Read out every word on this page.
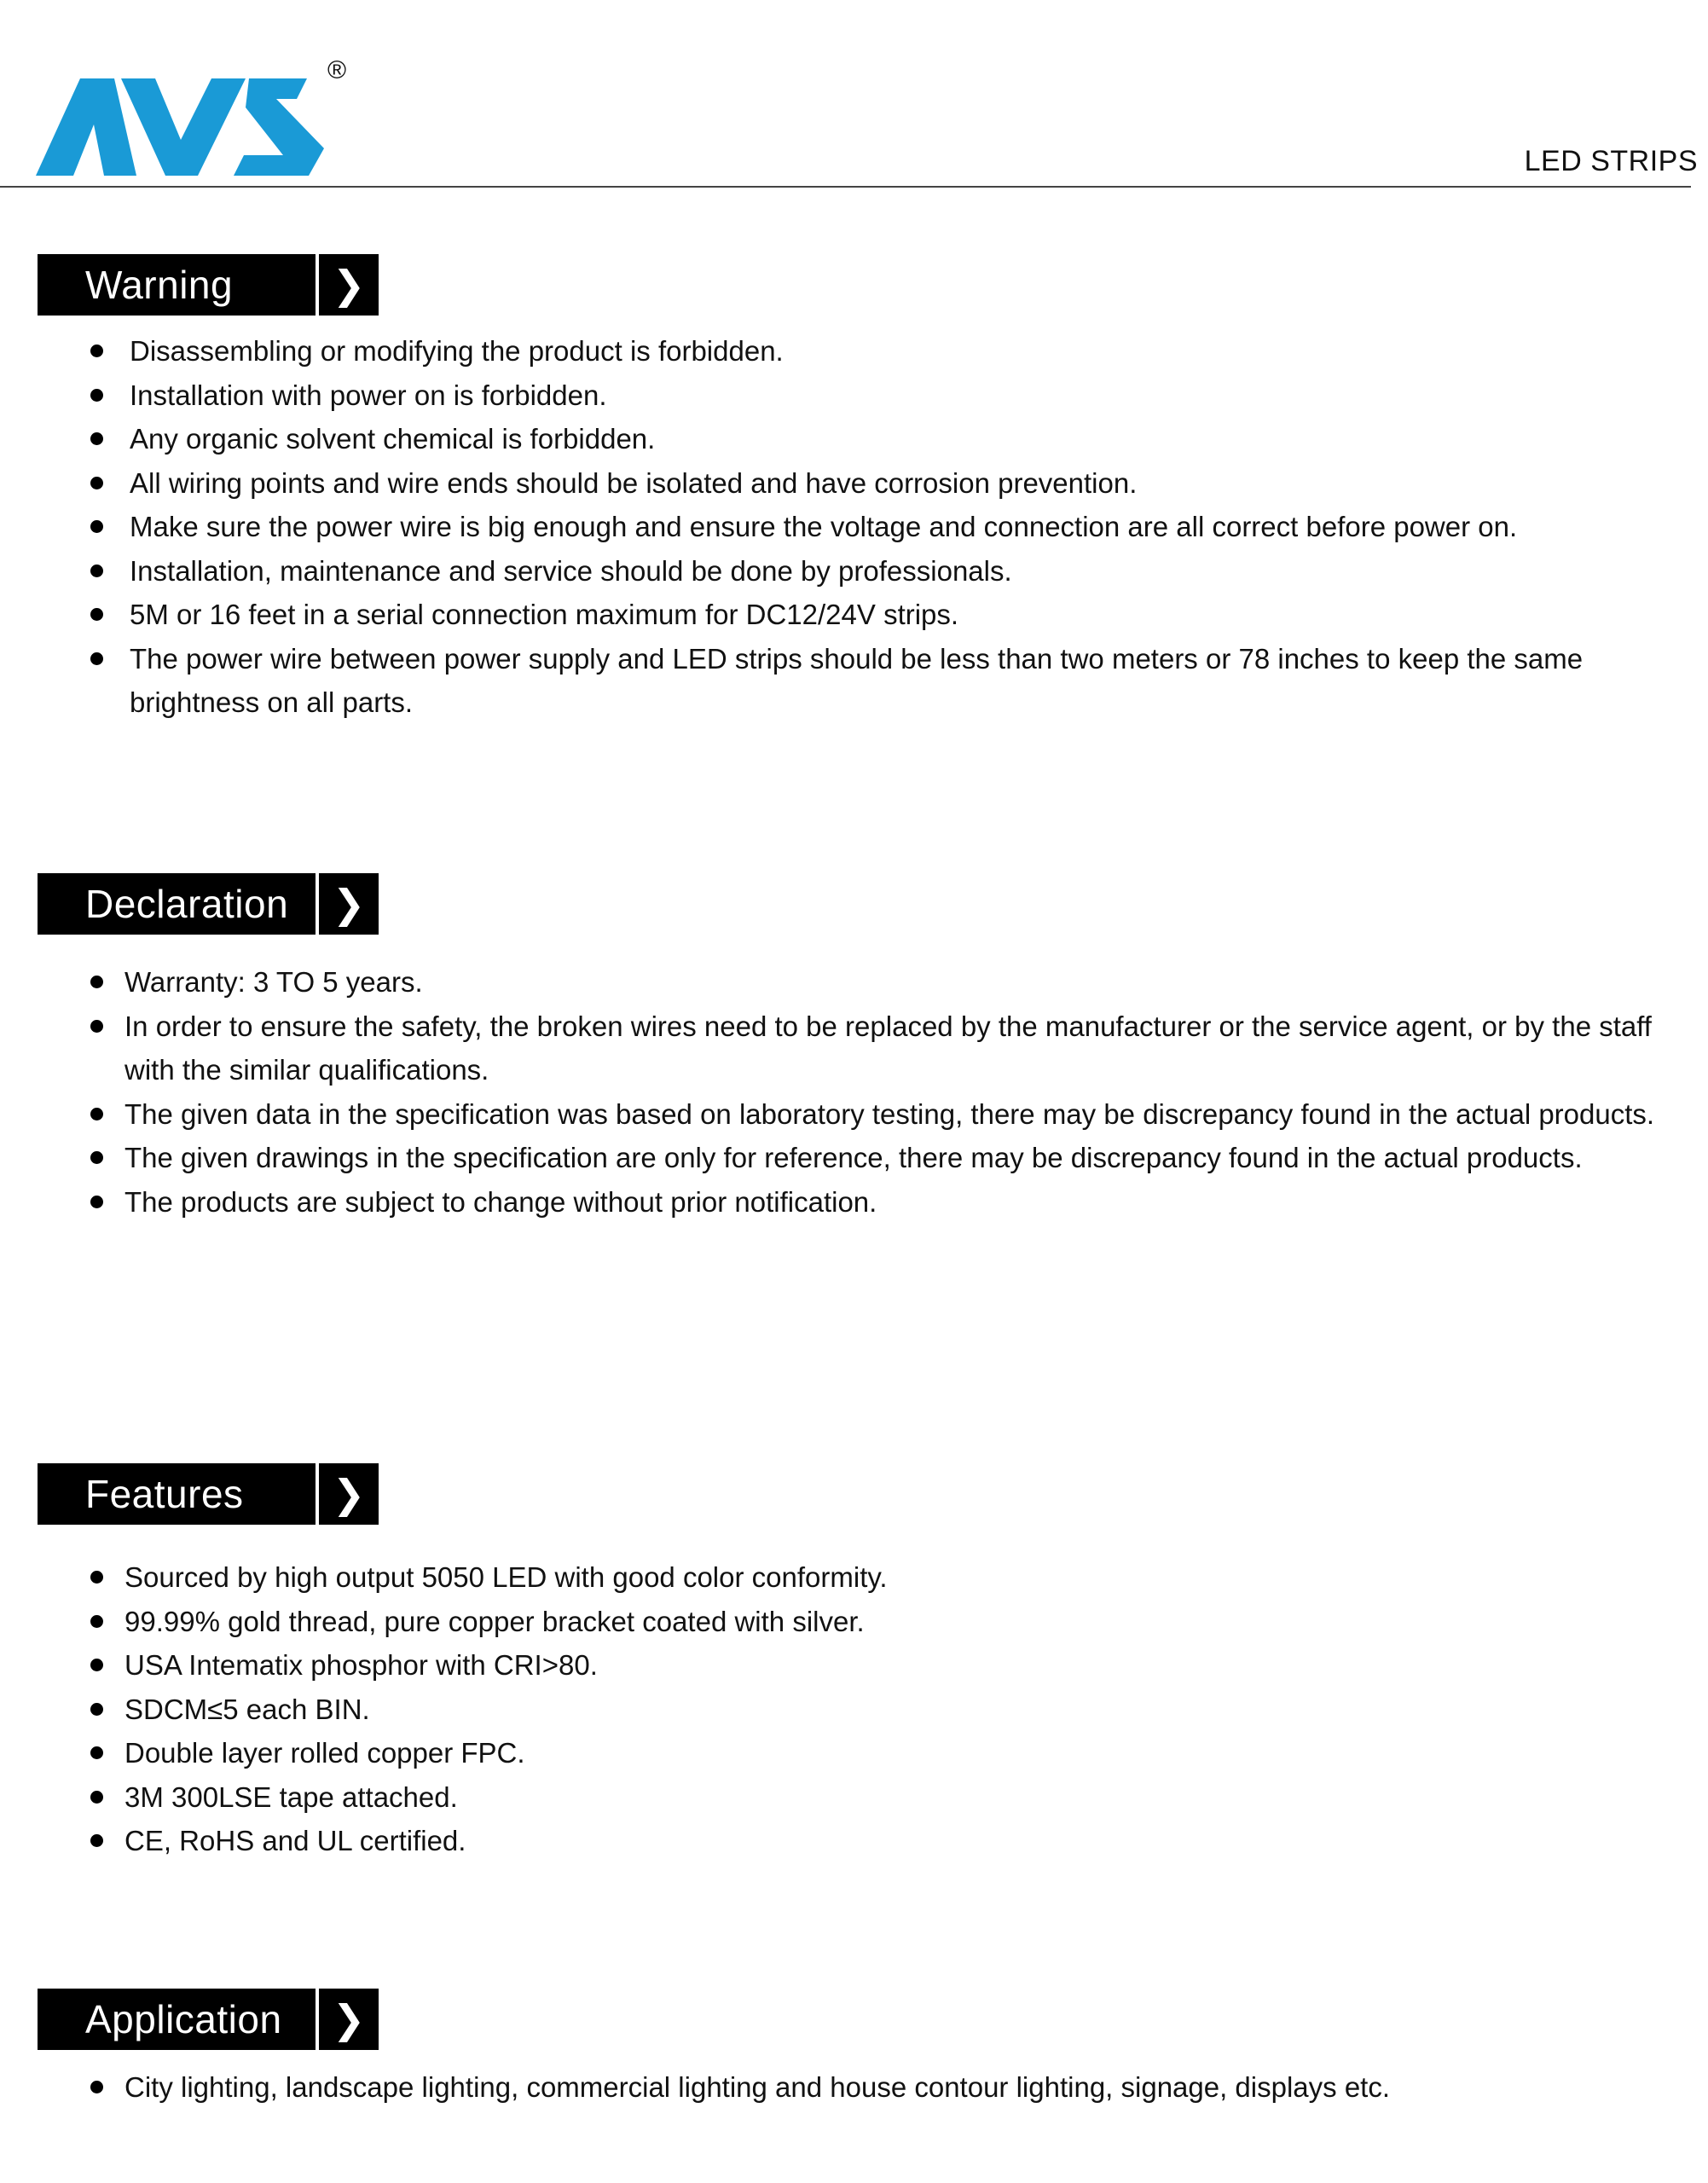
®
LED STRIPS
Warning	❯
Disassembling or modifying the product is forbidden.
Installation with power on is forbidden.
Any organic solvent chemical is forbidden.
All wiring points and wire ends should be isolated and have corrosion prevention.
Make sure the power wire is big enough and ensure the voltage and connection are all correct before power on.
Installation, maintenance and service should be done by professionals.
5M or 16 feet in a serial connection maximum for DC12/24V strips.
The power wire between power supply and LED strips should be less than two meters or 78 inches to keep the same brightness on all parts.
Declaration	❯
Warranty: 3 TO 5 years.
In order to ensure the safety, the broken wires need to be replaced by the manufacturer or the service agent, or by the staff with the similar qualifications.
The given data in the specification was based on laboratory testing, there may be discrepancy found in the actual products.
The given drawings in the specification are only for reference, there may be discrepancy found in the actual products.
The products are subject to change without prior notification.
Features	❯
Sourced by high output 5050 LED with good color conformity.
99.99% gold thread, pure copper bracket coated with silver.
USA Intematix phosphor with CRI>80.
SDCM≤5 each BIN.
Double layer rolled copper FPC.
3M 300LSE tape attached.
CE, RoHS and UL certified.
Application	❯
City lighting, landscape lighting, commercial lighting and house contour lighting, signage, displays etc.
